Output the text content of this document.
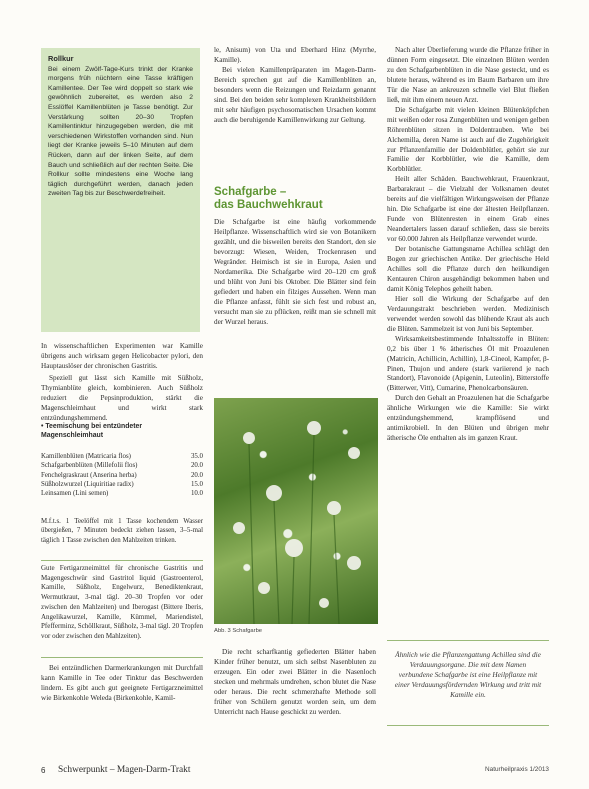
Rollkur

Bei einem Zwölf-Tage-Kurs trinkt der Kranke morgens früh nüchtern eine Tasse kräftigen Kamillentee. Der Tee wird doppelt so stark wie gewöhnlich zubereitet, es werden also 2 Esslöffel Kamillenblüten je Tasse benötigt. Zur Verstärkung sollten 20–30 Tropfen Kamillentinktur hinzugegeben werden, die mit verschiedenen Wirkstoffen vorhanden sind. Nun liegt der Kranke jeweils 5–10 Minuten auf dem Rücken, dann auf der linken Seite, auf dem Bauch und schließlich auf der rechten Seite. Die Rollkur sollte mindestens eine Woche lang täglich durchgeführt werden, danach jeden zweiten Tag bis zur Beschwerdefreiheit.

In wissenschaftlichen Experimenten war Kamille übrigens auch wirksam gegen Helicobacter pylori, den Hauptauslöser der chronischen Gastritis.

Speziell gut lässt sich Kamille mit Süßholz, Thymianblüte gleich, kombinieren. Auch Süßholz reduziert die Pepsinproduktion, stärkt die Magenschleimhaut und wirkt stark entzündungshemmend.

• Teemischung bei entzündeter Magenschleimhaut
Kamillenblüten (Matricaria flos)	35.0
Schafgarbenblüten (Millefolii flos)	20.0
Fenchelgraskraut (Anserina herba)	20.0
Süßholzwurzel (Liquiritiae radix)	15.0
Leinsamen (Lini semen)	10.0
M.f.t.s. 1 Teelöffel mit 1 Tasse kochendem Wasser übergießen, 7 Minuten bedeckt ziehen lassen, 3–5-mal täglich 1 Tasse zwischen den Mahlzeiten trinken.
Gute Fertigarzneimittel für chronische Gastritis und Magengeschwür sind Gastritol liquid (Gastroenterol, Kamille, Süßholz, Engelwurz, Benediktenkraut, Wermutkraut, 3-mal tägl. 20–30 Tropfen vor oder zwischen den Mahlzeiten) und Iberogast (Bittere Iberis, Angelikawurzel, Kamille, Kümmel, Mariendistel, Pfefferminz, Schöllkraut, Süßholz, 3-mal tägl. 20 Tropfen vor oder zwischen den Mahlzeiten).

Bei entzündlichen Darmerkrankungen mit Durchfall kann Kamille in Tee oder Tinktur das Beschwerden lindern. Es gibt auch gut geeignete Fertigarzneimittel wie Birkenkohle Weleda (Birkenkohle, Kamil-

le, Anisum) von Uta und Eberhard Hinz (Myrrhe, Kamille).

Bei vielen Kamillenpräparaten im Magen-Darm-Bereich sprechen gut auf die Kamillenblüten an, besonders wenn die Reizungen und Reizdarm genannt sind. Bei den beiden sehr komplexen Krankheitsbildern mit sehr häufigen psychosomatischen Ursachen kommt auch die beruhigende Kamillenwirkung zur Geltung.

Schafgarbe –
das Bauchwehkraut

Die Schafgarbe ist eine häufig vorkommende Heilpflanze. Wissenschaftlich wird sie von Botanikern gezählt, und die bisweilen bereits den Standort, den sie bevorzugt: Wiesen, Weiden, Trockenrasen und Wegränder. Heimisch ist sie in Europa, Asien und Nordamerika. Die Schafgarbe wird 20–120 cm groß und blüht von Juni bis Oktober. Die Blätter sind fein gefiedert und haben ein filziges Aussehen. Wenn man die Pflanze anfasst, fühlt sie sich fest und robust an, versucht man sie zu pflücken, reißt man sie schnell mit der Wurzel heraus.

Abb. 3 Schafgarbe

Die recht scharfkantig gefiederten Blätter haben Kinder früher benutzt, um sich selbst Nasenbluten zu erzeugen. Ein oder zwei Blätter in die Nasenloch stecken und mehrmals umdrehen, schon blutet die Nase oder heraus. Die recht schmerzhafte Methode soll früher von Schülern genutzt worden sein, um dem Unterricht nach Hause geschickt zu werden.

Nach alter Überlieferung wurde die Pflanze früher in dünnen Form eingesetzt. Die einzelnen Blüten werden zu den Schafgarbenblüten in die Nase gesteckt, und es blutete heraus, während es im Baum Barbaren um ihre Tür die Nase an ankreuzen schnelle viel Blut fließen ließ, mit ihm einem neuen Arzt.

Die Schafgarbe mit vielen kleinen Blütenköpfchen mit weißen oder rosa Zungenblüten und wenigen gelben Röhrenblüten sitzen in Doldentrauben. Wie bei Alchemilla, deren Name ist auch auf die Zugehörigkeit zur Pflanzenfamilie der Doldenblütler, gehört sie zur Familie der Korbblütler, wie die Kamille, dem Korbblütler.

Heilt aller Schäden. Bauchwehkraut, Frauenkraut, Barbarakraut – die Vielzahl der Volksnamen deutet bereits auf die vielfältigen Wirkungsweisen der Pflanze hin. Die Schafgarbe ist eine der ältesten Heilpflanzen. Funde von Blütenresten in einem Grab eines Neandertalers lassen darauf schließen, dass sie bereits vor 60.000 Jahren als Heilpflanze verwendet wurde.

Der botanische Gattungsname Achillea schlägt den Bogen zur griechischen Antike. Der griechische Held Achilles soll die Pflanze durch den heilkundigen Kentauren Chiron ausgehändigt bekommen haben und damit König Telephos geheilt haben.

Hier soll die Wirkung der Schafgarbe auf den Verdauungstrakt beschrieben werden. Medizinisch verwendet werden sowohl das blühende Kraut als auch die Blüten. Sammelzeit ist von Juni bis September.

Wirksamkeitsbestimmende Inhaltsstoffe in Blüten: 0,2 bis über 1 % ätherisches Öl mit Proazulenen (Matricin, Achillicin, Achillin), 1,8-Cineol, Kampfer, β-Pinen, Thujon und andere (stark variierend je nach Standort), Flavonoide (Apigenin, Luteolin), Bitterstoffe (Bitterwer, Vitt), Cumarine, Phenolcarbonsäuren.

Durch den Gehalt an Proazulenen hat die Schafgarbe ähnliche Wirkungen wie die Kamille: Sie wirkt entzündungshemmend, krampflösend und antimikrobiell. In den Blüten und übrigen mehr ätherische Öle enthalten als im ganzen Kraut.

Ähnlich wie die Pflanzengattung Achillea sind die Verdauungsorgane. Die mit dem Namen verbundene Schafgarbe ist eine Heilpflanze mit einer Verdauungsfördernden Wirkung und tritt mit Kamille ein.
6 Schwerpunkt – Magen-Darm-Trakt	Naturheilpraxis 1/2013
